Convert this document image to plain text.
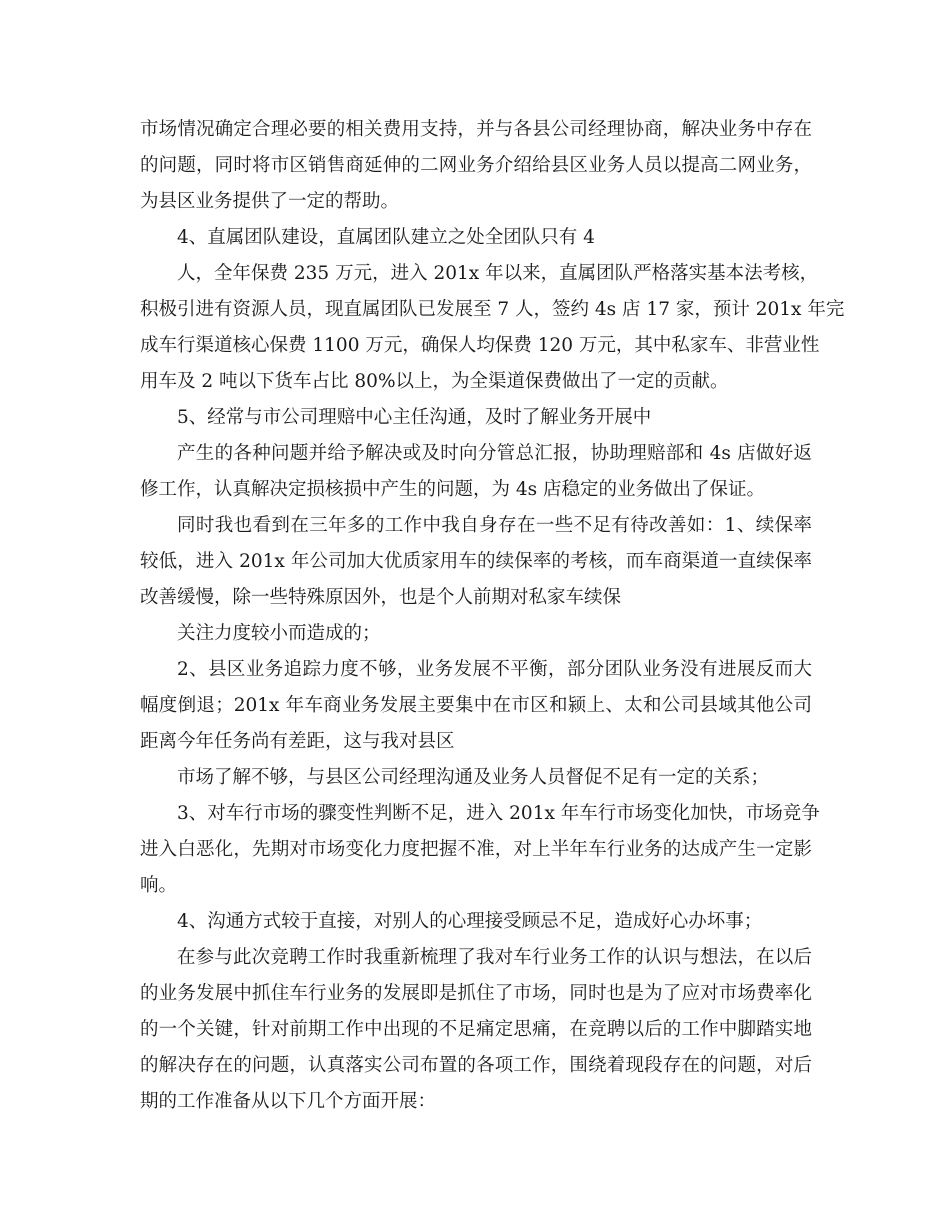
市场情况确定合理必要的相关费用支持，并与各县公司经理协商，解决业务中存在
的问题，同时将市区销售商延伸的二网业务介绍给县区业务人员以提高二网业务，
为县区业务提供了一定的帮助。
4、直属团队建设，直属团队建立之处全团队只有 4
人，全年保费 235 万元，进入 201x 年以来，直属团队严格落实基本法考核，
积极引进有资源人员，现直属团队已发展至 7 人，签约 4s 店 17 家，预计 201x 年完
成车行渠道核心保费 1100 万元，确保人均保费 120 万元，其中私家车、非营业性
用车及 2 吨以下货车占比 80%以上，为全渠道保费做出了一定的贡献。
5、经常与市公司理赔中心主任沟通，及时了解业务开展中
产生的各种问题并给予解决或及时向分管总汇报，协助理赔部和 4s 店做好返
修工作，认真解决定损核损中产生的问题，为 4s 店稳定的业务做出了保证。
同时我也看到在三年多的工作中我自身存在一些不足有待改善如：1、续保率
较低，进入 201x 年公司加大优质家用车的续保率的考核，而车商渠道一直续保率
改善缓慢，除一些特殊原因外，也是个人前期对私家车续保
关注力度较小而造成的；
2、县区业务追踪力度不够，业务发展不平衡，部分团队业务没有进展反而大
幅度倒退；201x 年车商业务发展主要集中在市区和颍上、太和公司县域其他公司
距离今年任务尚有差距，这与我对县区
市场了解不够，与县区公司经理沟通及业务人员督促不足有一定的关系；
3、对车行市场的骤变性判断不足，进入 201x 年车行市场变化加快，市场竞争
进入白恶化，先期对市场变化力度把握不准，对上半年车行业务的达成产生一定影
响。
4、沟通方式较于直接，对别人的心理接受顾忌不足，造成好心办坏事；
在参与此次竞聘工作时我重新梳理了我对车行业务工作的认识与想法，在以后
的业务发展中抓住车行业务的发展即是抓住了市场，同时也是为了应对市场费率化
的一个关键，针对前期工作中出现的不足痛定思痛，在竞聘以后的工作中脚踏实地
的解决存在的问题，认真落实公司布置的各项工作，围绕着现段存在的问题，对后
期的工作准备从以下几个方面开展：
